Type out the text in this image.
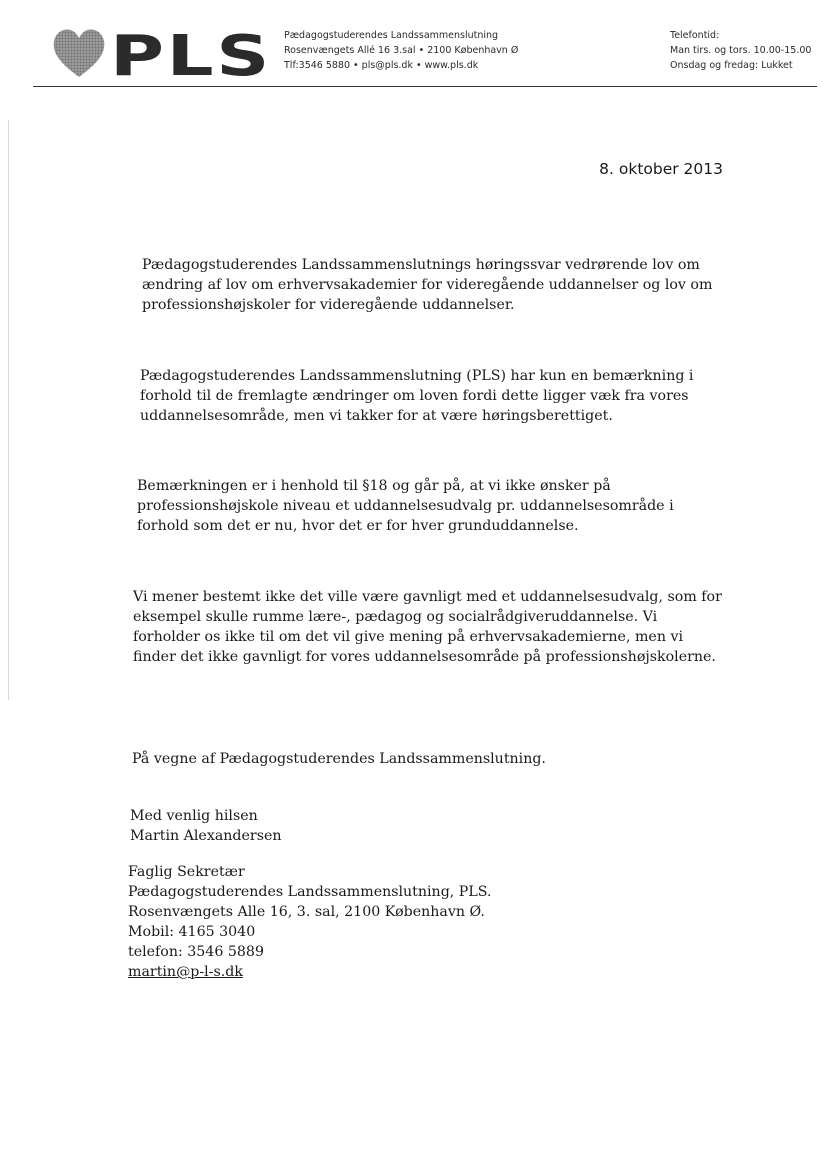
PLS Pædagogstuderendes Landssammenslutning
Rosenvængets Allé 16 3.sal • 2100 København Ø
Tlf:3546 5880 • pls@pls.dk • www.pls.dk
Telefontid:
Man tirs. og tors. 10.00-15.00
Onsdag og fredag: Lukket
8. oktober 2013
Pædagogstuderendes Landssammenslutnings høringssvar vedrørende lov om
ændring af lov om erhvervsakademier for videregående uddannelser og lov om
professionshøjskoler for videregående uddannelser.
Pædagogstuderendes Landssammenslutning (PLS) har kun en bemærkning i
forhold til de fremlagte ændringer om loven fordi dette ligger væk fra vores
uddannelsesområde, men vi takker for at være høringsberettiget.
Bemærkningen er i henhold til §18 og går på, at vi ikke ønsker på
professionshøjskole niveau et uddannelsesudvalg pr. uddannelsesområde i
forhold som det er nu, hvor det er for hver grunduddannelse.
Vi mener bestemt ikke det ville være gavnligt med et uddannelsesudvalg, som for
eksempel skulle rumme lære-, pædagog og socialrådgiveruddannelse. Vi
forholder os ikke til om det vil give mening på erhvervsakademierne, men vi
finder det ikke gavnligt for vores uddannelsesområde på professionshøjskolerne.
På vegne af Pædagogstuderendes Landssammenslutning.
Med venlig hilsen
Martin Alexandersen
Faglig Sekretær
Pædagogstuderendes Landssammenslutning, PLS.
Rosenvængets Alle 16, 3. sal, 2100 København Ø.
Mobil: 4165 3040
telefon: 3546 5889
martin@p-l-s.dk
